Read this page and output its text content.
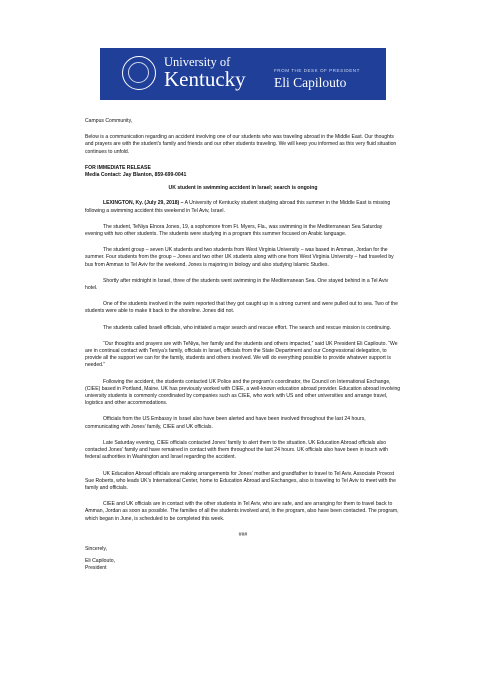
University of
Kentucky	FROM THE DESK OF PRESIDENT
Eli Capilouto

Campus Community,

Below is a communication regarding an accident involving one of our students who was traveling abroad in the Middle East. Our thoughts and prayers are with the student’s family and friends and our other students traveling. We will keep you informed as this very fluid situation continues to unfold.

FOR IMMEDIATE RELEASE

Media Contact: Jay Blanton, 859-699-0041

UK student in swimming accident in Israel; search is ongoing

LEXINGTON, Ky. (July 29, 2018) – A University of Kentucky student studying abroad this summer in the Middle East is missing following a swimming accident this weekend in Tel Aviv, Israel.

The student, TeNiya Elnora Jones, 19, a sophomore from Ft. Myers, Fla., was swimming in the Mediterranean Sea Saturday evening with two other students. The students were studying in a program this summer focused on Arabic language.

The student group – seven UK students and two students from West Virginia University – was based in Amman, Jordan for the summer. Four students from the group – Jones and two other UK students along with one from West Virginia University – had traveled by bus from Amman to Tel Aviv for the weekend. Jones is majoring in biology and also studying Islamic Studies.

Shortly after midnight in Israel, three of the students went swimming in the Mediterranean Sea. One stayed behind in a Tel Aviv hotel.

One of the students involved in the swim reported that they got caught up in a strong current and were pulled out to sea. Two of the students were able to make it back to the shoreline. Jones did not.

The students called Israeli officials, who initiated a major search and rescue effort. The search and rescue mission is continuing.

“Our thoughts and prayers are with TeNiya, her family and the students and others impacted,” said UK President Eli Capilouto. “We are in continual contact with Teniya’s family, officials in Israel, officials from the State Department and our Congressional delegation, to provide all the support we can for the family, students and others involved. We will do everything possible to provide whatever support is needed.”

Following the accident, the students contacted UK Police and the program’s coordinator, the Council on International Exchange, (CIEE) based in Portland, Maine. UK has previously worked with CIEE, a well-known education abroad provider. Education abroad involving university students is commonly coordinated by companies such as CIEE, who work with US and other universities and arrange travel, logistics and other accommodations.

Officials from the US Embassy in Israel also have been alerted and have been involved throughout the last 24 hours, communicating with Jones’ family, CIEE and UK officials.

Late Saturday evening, CIEE officials contacted Jones’ family to alert them to the situation. UK Education Abroad officials also contacted Jones’ family and have remained in contact with them throughout the last 24 hours. UK officials also have been in touch with federal authorities in Washington and Israel regarding the accident.

UK Education Abroad officials are making arrangements for Jones’ mother and grandfather to travel to Tel Aviv. Associate Provost Sue Roberts, who leads UK’s International Center, home to Education Abroad and Exchanges, also is traveling to Tel Aviv to meet with the family and officials.

CIEE and UK officials are in contact with the other students in Tel Aviv, who are safe, and are arranging for them to travel back to Amman, Jordan as soon as possible. The families of all the students involved and, in the program, also have been contacted. The program, which began in June, is scheduled to be completed this week.

###

Sincerely,

Eli Capilouto,

President
